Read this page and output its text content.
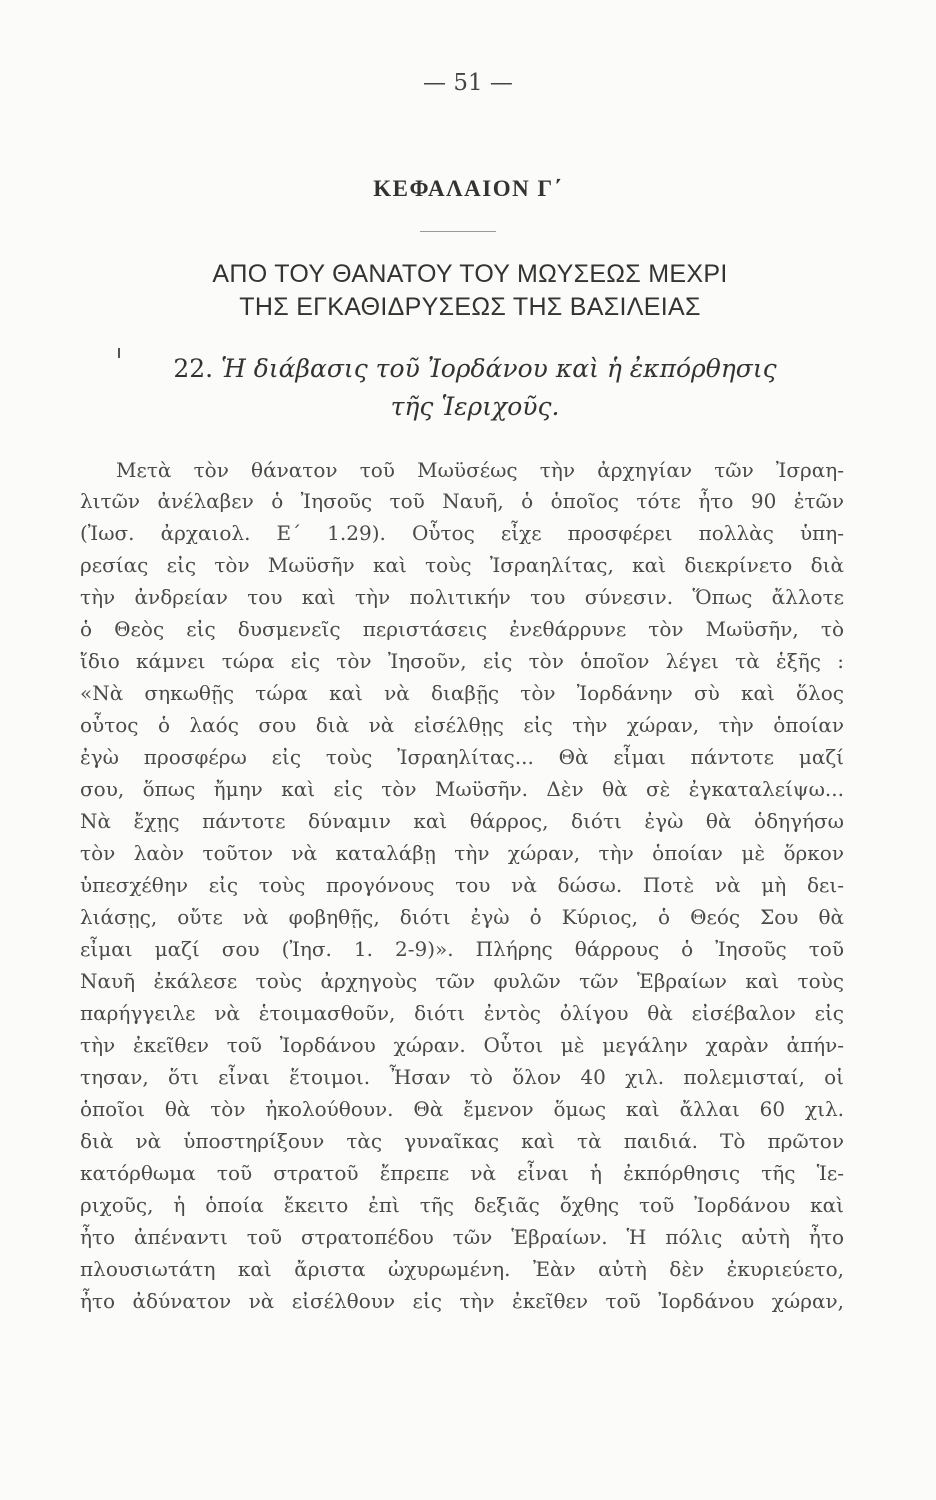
— 51 —
ΚΕΦΑΛΑΙΟΝ Γ΄
ΑΠΟ ΤΟΥ ΘΑΝΑΤΟΥ ΤΟΥ ΜΩΥΣΕΩΣ ΜΕΧΡΙ
ΤΗΣ ΕΓΚΑΘΙΔΡΥΣΕΩΣ ΤΗΣ ΒΑΣΙΛΕΙΑΣ
22. Ἡ διάβασις τοῦ Ἰορδάνου καὶ ἡ ἐκπόρθησις
τῆς Ἱεριχοῦς.
Μετὰ τὸν θάνατον τοῦ Μωϋσέως τὴν ἀρχηγίαν τῶν Ἰσραη-
λιτῶν ἀνέλαβεν ὁ Ἰησοῦς τοῦ Ναυῆ, ὁ ὁποῖος τότε ἦτο 90 ἐτῶν
(Ἰωσ. ἀρχαιολ. Ε΄ 1.29). Οὗτος εἶχε προσφέρει πολλὰς ὑπη-
ρεσίας εἰς τὸν Μωϋσῆν καὶ τοὺς Ἰσραηλίτας, καὶ διεκρίνετο διὰ
τὴν ἀνδρείαν του καὶ τὴν πολιτικήν του σύνεσιν. Ὅπως ἄλλοτε
ὁ Θεὸς εἰς δυσμενεῖς περιστάσεις ἐνεθάρρυνε τὸν Μωϋσῆν, τὸ
ἴδιο κάμνει τώρα εἰς τὸν Ἰησοῦν, εἰς τὸν ὁποῖον λέγει τὰ ἑξῆς :
«Νὰ σηκωθῇς τώρα καὶ νὰ διαβῇς τὸν Ἰορδάνην σὺ καὶ ὅλος
οὗτος ὁ λαός σου διὰ νὰ εἰσέλθῃς εἰς τὴν χώραν, τὴν ὁποίαν
ἐγὼ προσφέρω εἰς τοὺς Ἰσραηλίτας... Θὰ εἶμαι πάντοτε μαζί
σου, ὅπως ἤμην καὶ εἰς τὸν Μωϋσῆν. Δὲν θὰ σὲ ἐγκαταλείψω...
Νὰ ἔχῃς πάντοτε δύναμιν καὶ θάρρος, διότι ἐγὼ θὰ ὁδηγήσω
τὸν λαὸν τοῦτον νὰ καταλάβῃ τὴν χώραν, τὴν ὁποίαν μὲ ὅρκον
ὑπεσχέθην εἰς τοὺς προγόνους του νὰ δώσω. Ποτὲ νὰ μὴ δει-
λιάσῃς, οὔτε νὰ φοβηθῇς, διότι ἐγὼ ὁ Κύριος, ὁ Θεός Σου θὰ
εἶμαι μαζί σου (Ἰησ. 1. 2-9)». Πλήρης θάρρους ὁ Ἰησοῦς τοῦ
Ναυῆ ἐκάλεσε τοὺς ἀρχηγοὺς τῶν φυλῶν τῶν Ἑβραίων καὶ τοὺς
παρήγγειλε νὰ ἑτοιμασθοῦν, διότι ἐντὸς ὀλίγου θὰ εἰσέβαλον εἰς
τὴν ἐκεῖθεν τοῦ Ἰορδάνου χώραν. Οὗτοι μὲ μεγάλην χαρὰν ἀπήν-
τησαν, ὅτι εἶναι ἕτοιμοι. Ἦσαν τὸ ὅλον 40 χιλ. πολεμισταί, οἱ
ὁποῖοι θὰ τὸν ἠκολούθουν. Θὰ ἔμενον ὅμως καὶ ἄλλαι 60 χιλ.
διὰ νὰ ὑποστηρίξουν τὰς γυναῖκας καὶ τὰ παιδιά. Τὸ πρῶτον
κατόρθωμα τοῦ στρατοῦ ἔπρεπε νὰ εἶναι ἡ ἐκπόρθησις τῆς Ἱε-
ριχοῦς, ἡ ὁποία ἔκειτο ἐπὶ τῆς δεξιᾶς ὄχθης τοῦ Ἰορδάνου καὶ
ἦτο ἀπέναντι τοῦ στρατοπέδου τῶν Ἑβραίων. Ἡ πόλις αὐτὴ ἦτο
πλουσιωτάτη καὶ ἄριστα ὠχυρωμένη. Ἐὰν αὐτὴ δὲν ἐκυριεύετο,
ἦτο ἀδύνατον νὰ εἰσέλθουν εἰς τὴν ἐκεῖθεν τοῦ Ἰορδάνου χώραν,
